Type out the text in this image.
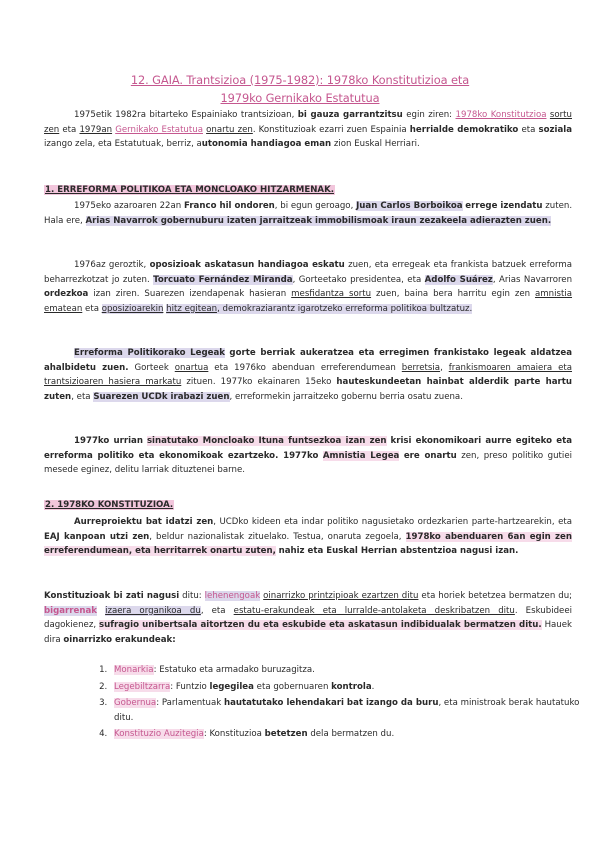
12. GAIA. Trantsizioa (1975-1982): 1978ko Konstitutizioa eta
1979ko Gernikako Estatutua

1975etik 1982ra bitarteko Espainiako trantsizioan, bi gauza garrantzitsu egin ziren: 1978ko Konstitutzioa sortu zen eta 1979an Gernikako Estatutua onartu zen. Konstituzioak ezarri zuen Espainia herrialde demokratiko eta soziala izango zela, eta Estatutuak, berriz, autonomia handiagoa eman zion Euskal Herriari.

1. ERREFORMA POLITIKOA ETA MONCLOAKO HITZARMENAK.

1975eko azaroaren 22an Franco hil ondoren, bi egun geroago, Juan Carlos Borboikoa errege izendatu zuten. Hala ere, Arias Navarrok gobernuburu izaten jarraitzeak immobilismoak iraun zezakeela adierazten zuen.

1976az geroztik, oposizioak askatasun handiagoa eskatu zuen, eta erregeak eta frankista batzuek erreforma beharrezkotzat jo zuten. Torcuato Fernández Miranda, Gorteetako presidentea, eta Adolfo Suárez, Arias Navarroren ordezkoa izan ziren. Suarezen izendapenak hasieran mesfidantza sortu zuen, baina bera harritu egin zen amnistia ematean eta oposizioarekin hitz egitean, demokraziarantz igarotzeko erreforma politikoa bultzatuz.

Erreforma Politikorako Legeak gorte berriak aukeratzea eta erregimen frankistako legeak aldatzea ahalbidetu zuen. Gorteek onartua eta 1976ko abenduan erreferendumean berretsia, frankismoaren amaiera eta trantsizioaren hasiera markatu zituen. 1977ko ekainaren 15eko hauteskundeetan hainbat alderdik parte hartu zuten, eta Suarezen UCDk irabazi zuen, erreformekin jarraitzeko gobernu berria osatu zuena.

1977ko urrian sinatutako Moncloako Ituna funtsezkoa izan zen krisi ekonomikoari aurre egiteko eta erreforma politiko eta ekonomikoak ezartzeko. 1977ko Amnistia Legea ere onartu zen, preso politiko gutiei mesede eginez, delitu larriak dituztenei barne.

2. 1978KO KONSTITUZIOA.

Aurreproiektu bat idatzi zen, UCDko kideen eta indar politiko nagusietako ordezkarien parte-hartzearekin, eta EAJ kanpoan utzi zen, beldur nazionalistak zituelako. Testua, onaruta zegoela, 1978ko abenduaren 6an egin zen erreferendumean, eta herritarrek onartu zuten, nahiz eta Euskal Herrian abstentzioa nagusi izan.

Konstituzioak bi zati nagusi ditu: lehenengoak oinarrizko printzipioak ezartzen ditu eta horiek betetzea bermatzen du; bigarrenak izaera organikoa du, eta estatu-erakundeak eta lurralde-antolaketa deskribatzen ditu. Eskubideei dagokienez, sufragio unibertsala aitortzen du eta eskubide eta askatasun indibidualak bermatzen ditu. Hauek dira oinarrizko erakundeak:

1. Monarkia: Estatuko eta armadako buruzagitza.
2. Legebiltzarra: Funtzio legegilea eta gobernuaren kontrola.
3. Gobernua: Parlamentuak hautatutako lehendakari bat izango da buru, eta ministroak berak hautatuko ditu.
4. Konstituzio Auzitegia: Konstituzioa betetzen dela bermatzen du.
